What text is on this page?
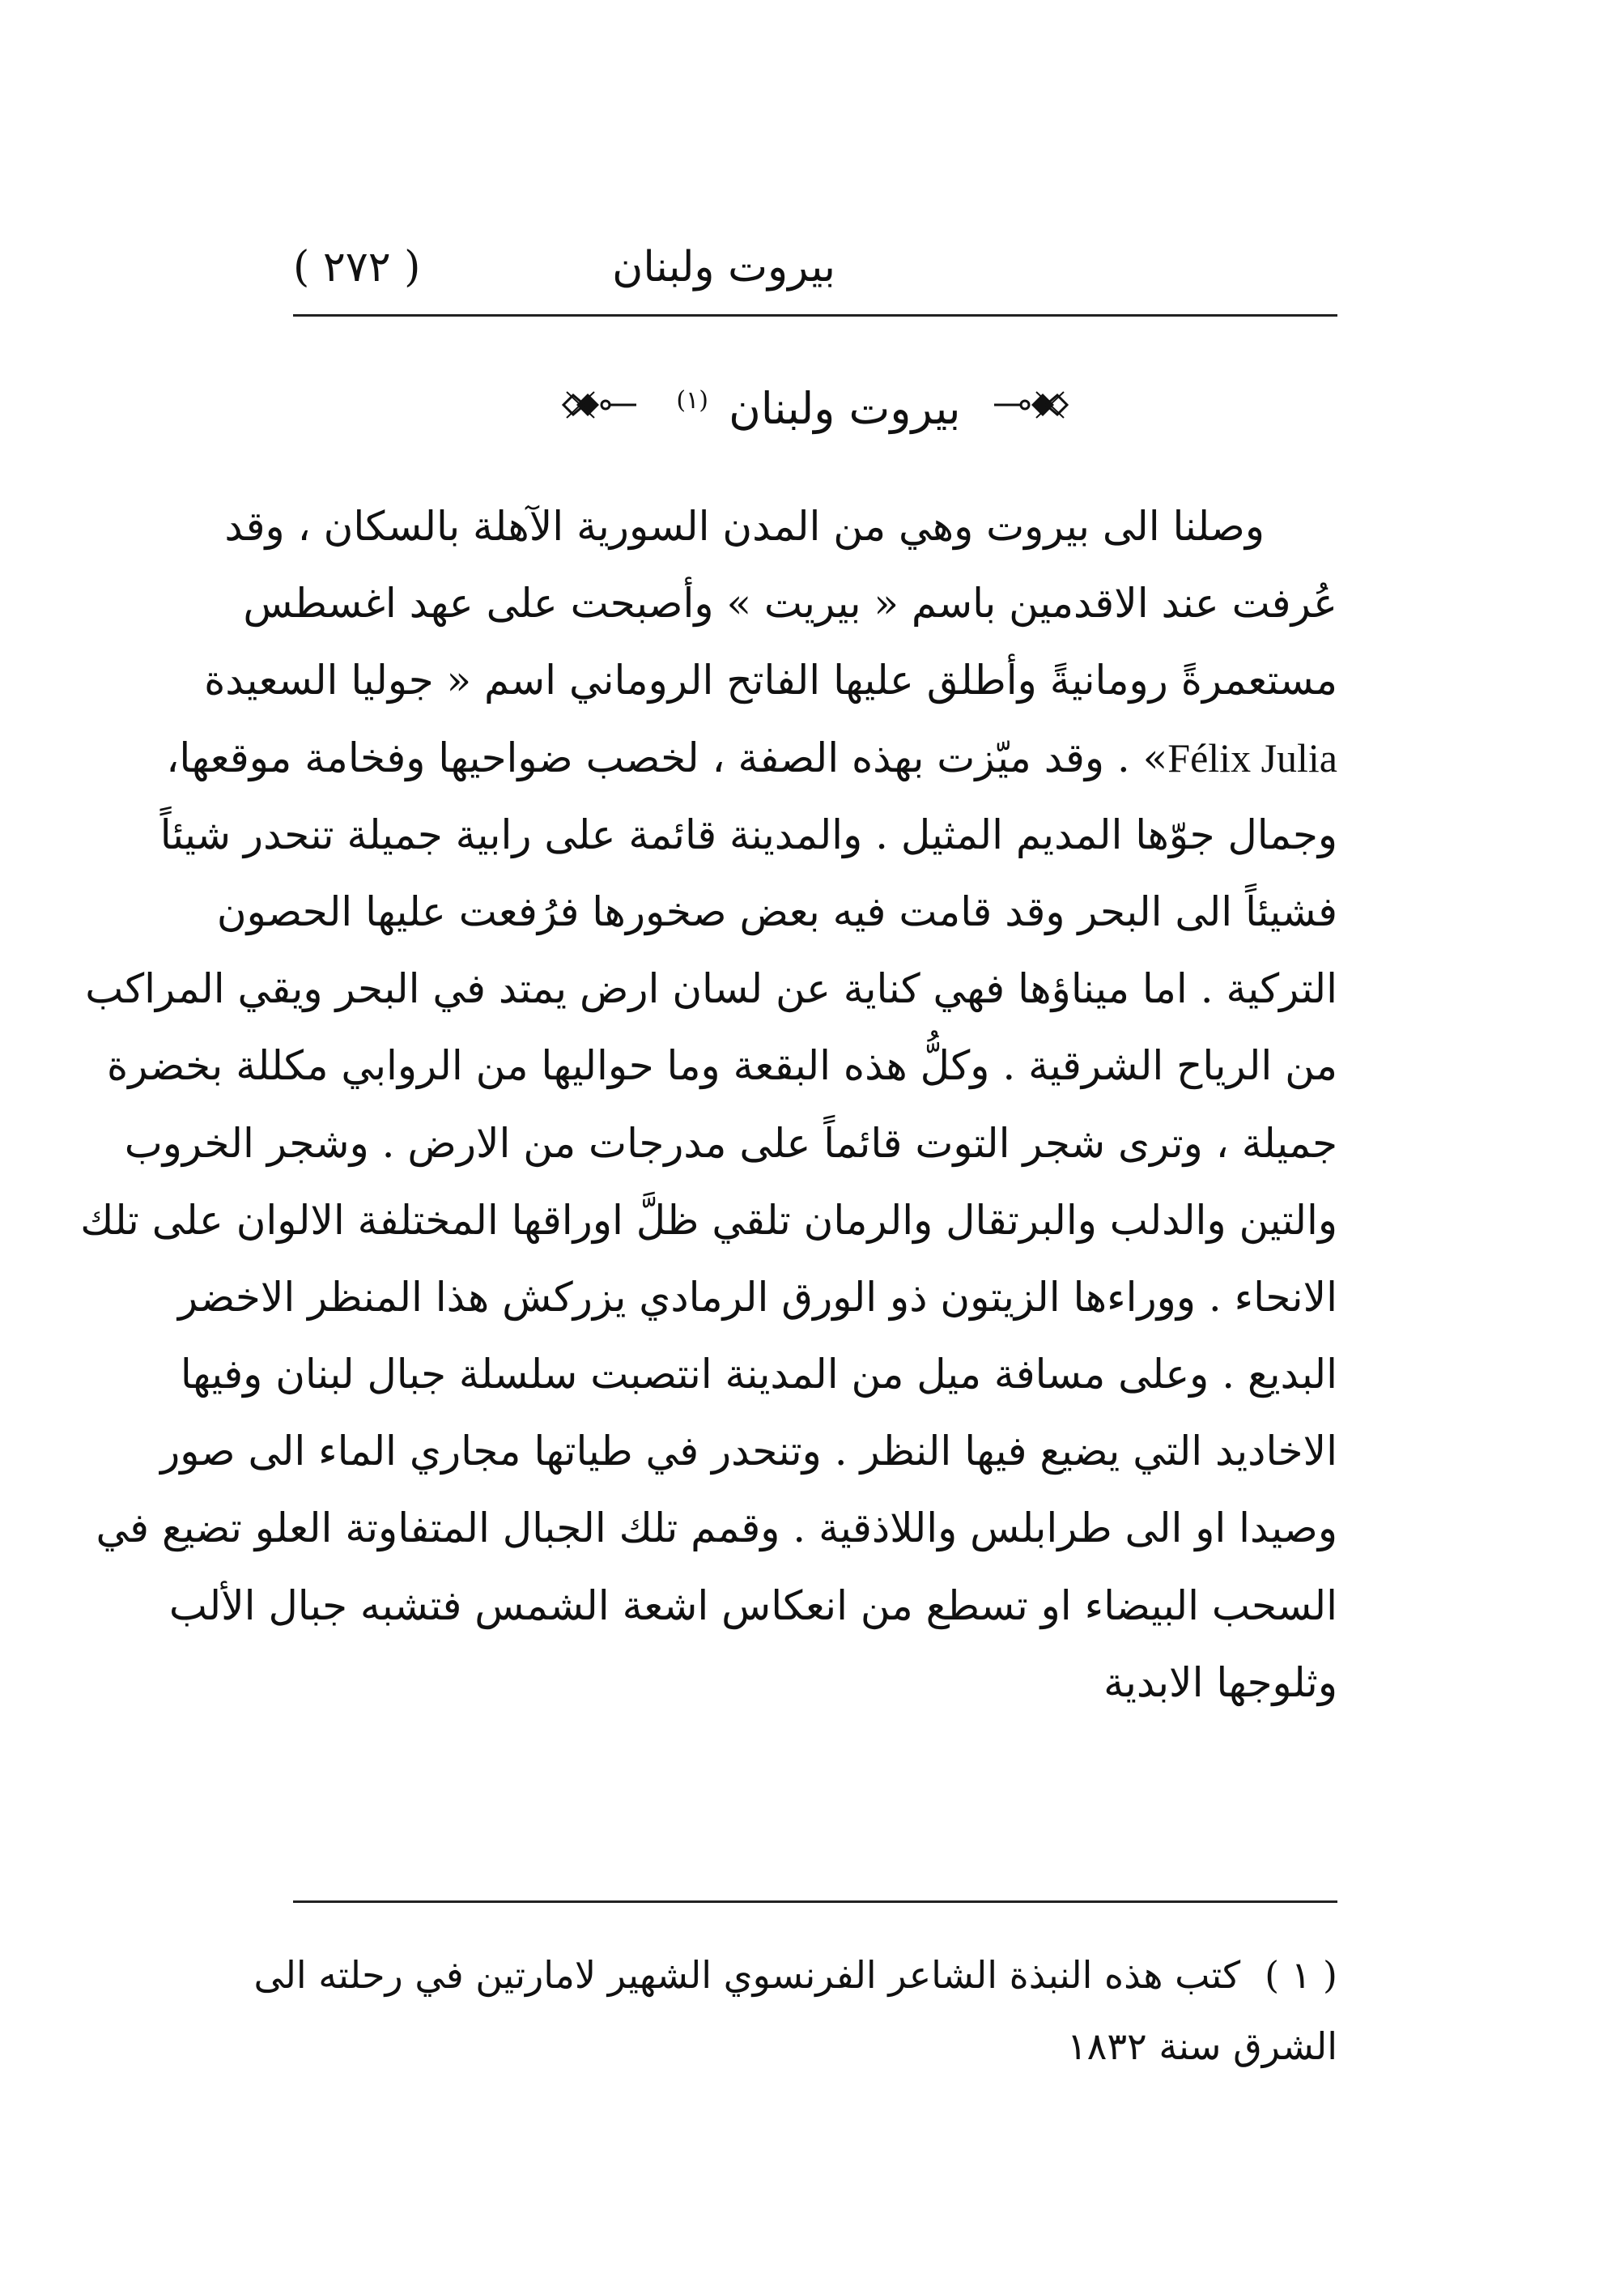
بيروت ولبنان
( ٢٧٢ )
بيروت ولبنان $^{(١)}$
وصلنا الى بيروت وهي من المدن السورية الآهلة بالسكان ، وقد
عُرفت عند الاقدمين باسم « بيريت » وأصبحت على عهد اغسطس
مستعمرةً رومانيةً وأطلق عليها الفاتح الروماني اسم « جوليا السعيدة
Félix Julia» . وقد ميّزت بهذه الصفة ، لخصب ضواحيها وفخامة موقعها،
وجمال جوّها المديم المثيل . والمدينة قائمة على رابية جميلة تنحدر شيئاً
فشيئاً الى البحر وقد قامت فيه بعض صخورها فرُفعت عليها الحصون
التركية . اما ميناؤها فهي كناية عن لسان ارض يمتد في البحر ويقي المراكب
من الرياح الشرقية . وكلُّ هذه البقعة وما حواليها من الروابي مكللة بخضرة
جميلة ، وترى شجر التوت قائماً على مدرجات من الارض . وشجر الخروب
والتين والدلب والبرتقال والرمان تلقي ظلَّ اوراقها المختلفة الالوان على تلك
الانحاء . ووراءها الزيتون ذو الورق الرمادي يزركش هذا المنظر الاخضر
البديع . وعلى مسافة ميل من المدينة انتصبت سلسلة جبال لبنان وفيها
الاخاديد التي يضيع فيها النظر . وتنحدر في طياتها مجاري الماء الى صور
وصيدا او الى طرابلس واللاذقية . وقمم تلك الجبال المتفاوتة العلو تضيع في
السحب البيضاء او تسطع من انعكاس اشعة الشمس فتشبه جبال الألب
وثلوجها الابدية
( ١ )كتب هذه النبذة الشاعر الفرنسوي الشهير لامارتين في رحلته الى
الشرق سنة ١٨٣٢
